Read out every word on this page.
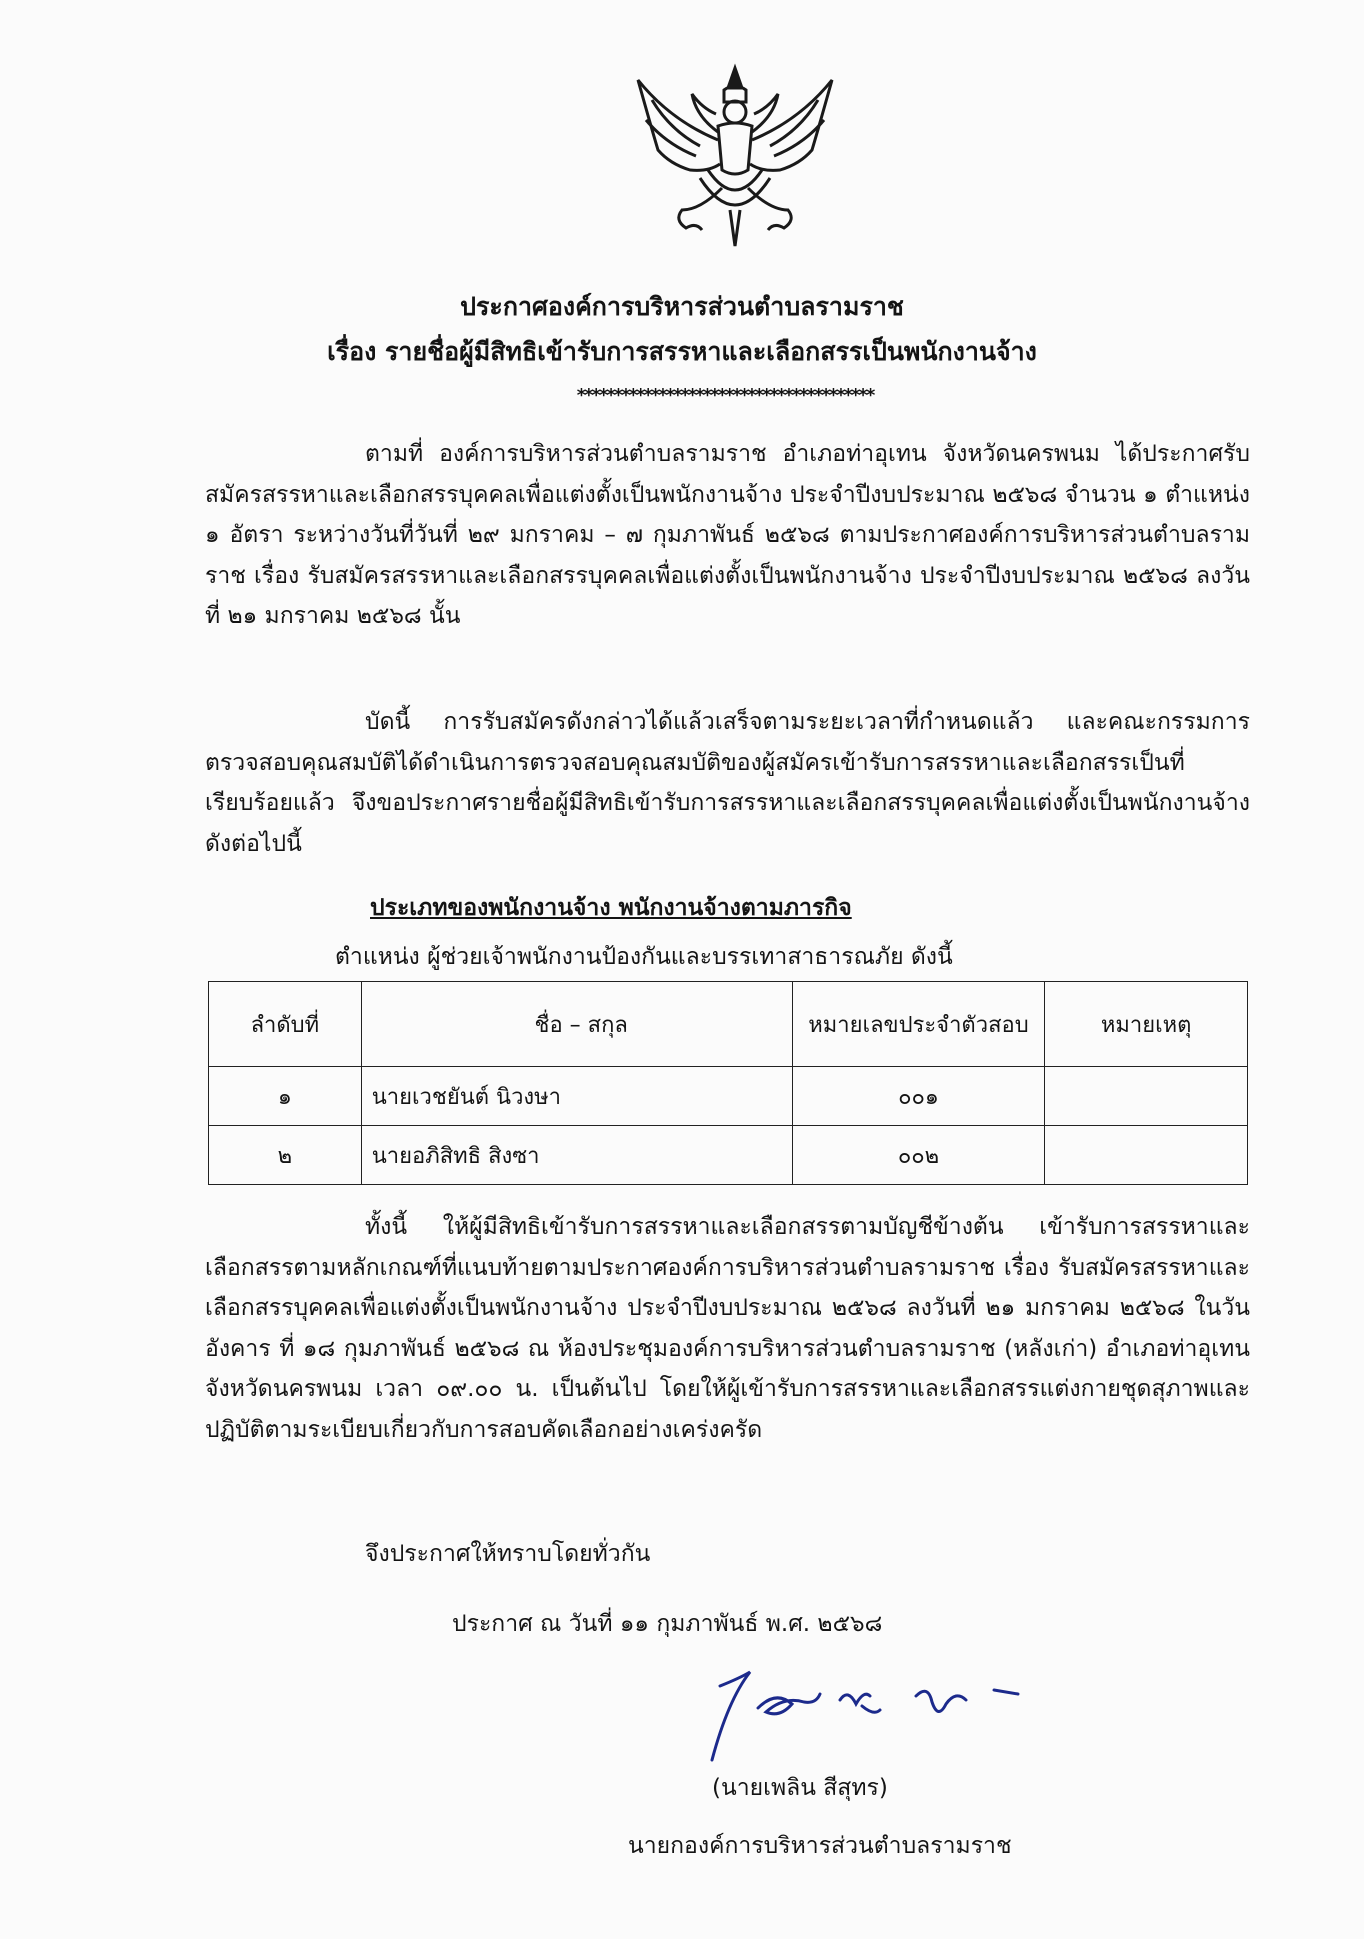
ประกาศองค์การบริหารส่วนตำบลรามราช
เรื่อง รายชื่อผู้มีสิทธิเข้ารับการสรรหาและเลือกสรรเป็นพนักงานจ้าง
****************************************

ตามที่ องค์การบริหารส่วนตำบลรามราช อำเภอท่าอุเทน จังหวัดนครพนม ได้ประกาศรับสมัครสรรหาและเลือกสรรบุคคลเพื่อแต่งตั้งเป็นพนักงานจ้าง ประจำปีงบประมาณ ๒๕๖๘ จำนวน ๑ ตำแหน่ง ๑ อัตรา ระหว่างวันที่วันที่ ๒๙ มกราคม – ๗ กุมภาพันธ์ ๒๕๖๘ ตามประกาศองค์การบริหารส่วนตำบลรามราช เรื่อง รับสมัครสรรหาและเลือกสรรบุคคลเพื่อแต่งตั้งเป็นพนักงานจ้าง ประจำปีงบประมาณ ๒๕๖๘ ลงวันที่ ๒๑ มกราคม ๒๕๖๘ นั้น

บัดนี้ การรับสมัครดังกล่าวได้แล้วเสร็จตามระยะเวลาที่กำหนดแล้ว และคณะกรรมการตรวจสอบคุณสมบัติได้ดำเนินการตรวจสอบคุณสมบัติของผู้สมัครเข้ารับการสรรหาและเลือกสรรเป็นที่เรียบร้อยแล้ว จึงขอประกาศรายชื่อผู้มีสิทธิเข้ารับการสรรหาและเลือกสรรบุคคลเพื่อแต่งตั้งเป็นพนักงานจ้าง ดังต่อไปนี้

ประเภทของพนักงานจ้าง พนักงานจ้างตามภารกิจ
ตำแหน่ง ผู้ช่วยเจ้าพนักงานป้องกันและบรรเทาสาธารณภัย ดังนี้
ลำดับที่	ชื่อ – สกุล	หมายเลขประจำตัวสอบ	หมายเหตุ
๑	นายเวชยันต์ นิวงษา	๐๐๑	
๒	นายอภิสิทธิ สิงซา	๐๐๒	

ทั้งนี้ ให้ผู้มีสิทธิเข้ารับการสรรหาและเลือกสรรตามบัญชีข้างต้น เข้ารับการสรรหาและเลือกสรรตามหลักเกณฑ์ที่แนบท้ายตามประกาศองค์การบริหารส่วนตำบลรามราช เรื่อง รับสมัครสรรหาและเลือกสรรบุคคลเพื่อแต่งตั้งเป็นพนักงานจ้าง ประจำปีงบประมาณ ๒๕๖๘ ลงวันที่ ๒๑ มกราคม ๒๕๖๘ ในวันอังคาร ที่ ๑๘ กุมภาพันธ์ ๒๕๖๘ ณ ห้องประชุมองค์การบริหารส่วนตำบลรามราช (หลังเก่า) อำเภอท่าอุเทน จังหวัดนครพนม เวลา ๐๙.๐๐ น. เป็นต้นไป โดยให้ผู้เข้ารับการสรรหาและเลือกสรรแต่งกายชุดสุภาพและปฏิบัติตามระเบียบเกี่ยวกับการสอบคัดเลือกอย่างเคร่งครัด

จึงประกาศให้ทราบโดยทั่วกัน
ประกาศ ณ วันที่ ๑๑ กุมภาพันธ์ พ.ศ. ๒๕๖๘
(นายเพลิน สีสุทร)
นายกองค์การบริหารส่วนตำบลรามราช
